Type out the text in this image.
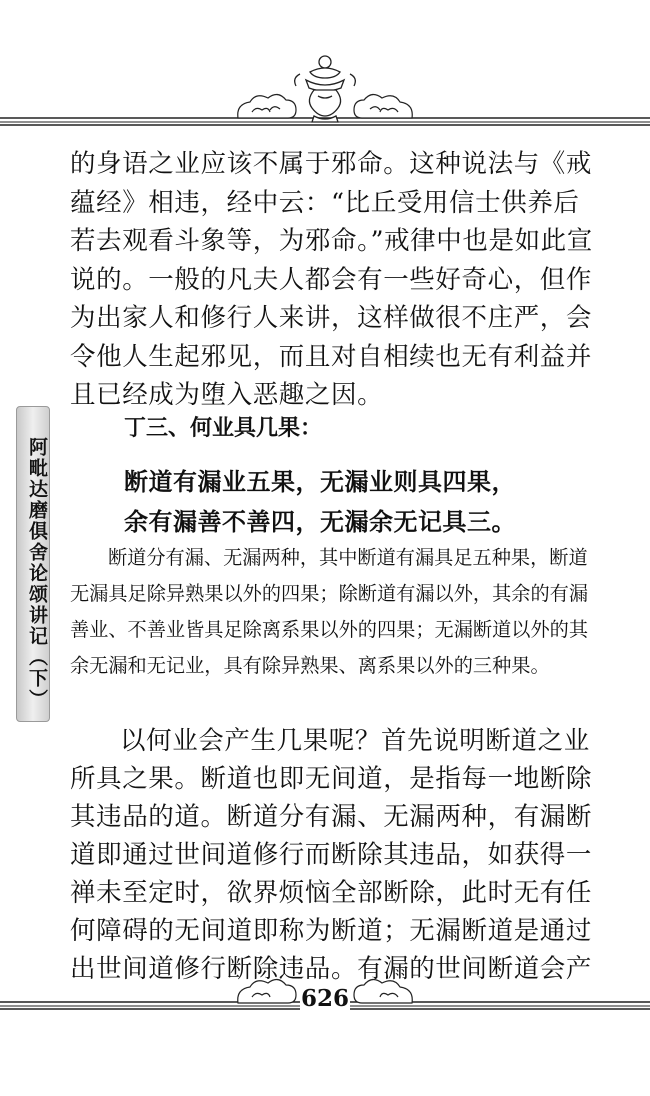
阿毗达磨俱舍论颂讲记（下）
的身语之业应该不属于邪命。这种说法与《戒蕴经》相违，经中云：“比丘受用信士供养后若去观看斗象等，为邪命。”戒律中也是如此宣说的。一般的凡夫人都会有一些好奇心，但作为出家人和修行人来讲，这样做很不庄严，会令他人生起邪见，而且对自相续也无有利益并且已经成为堕入恶趣之因。
丁三、何业具几果：
断道有漏业五果，无漏业则具四果，
余有漏善不善四，无漏余无记具三。
断道分有漏、无漏两种，其中断道有漏具足五种果，断道无漏具足除异熟果以外的四果；除断道有漏以外，其余的有漏善业、不善业皆具足除离系果以外的四果；无漏断道以外的其余无漏和无记业，具有除异熟果、离系果以外的三种果。
以何业会产生几果呢？首先说明断道之业所具之果。断道也即无间道，是指每一地断除其违品的道。断道分有漏、无漏两种，有漏断道即通过世间道修行而断除其违品，如获得一禅未至定时，欲界烦恼全部断除，此时无有任何障碍的无间道即称为断道；无漏断道是通过出世间道修行断除违品。有漏的世间断道会产
626
